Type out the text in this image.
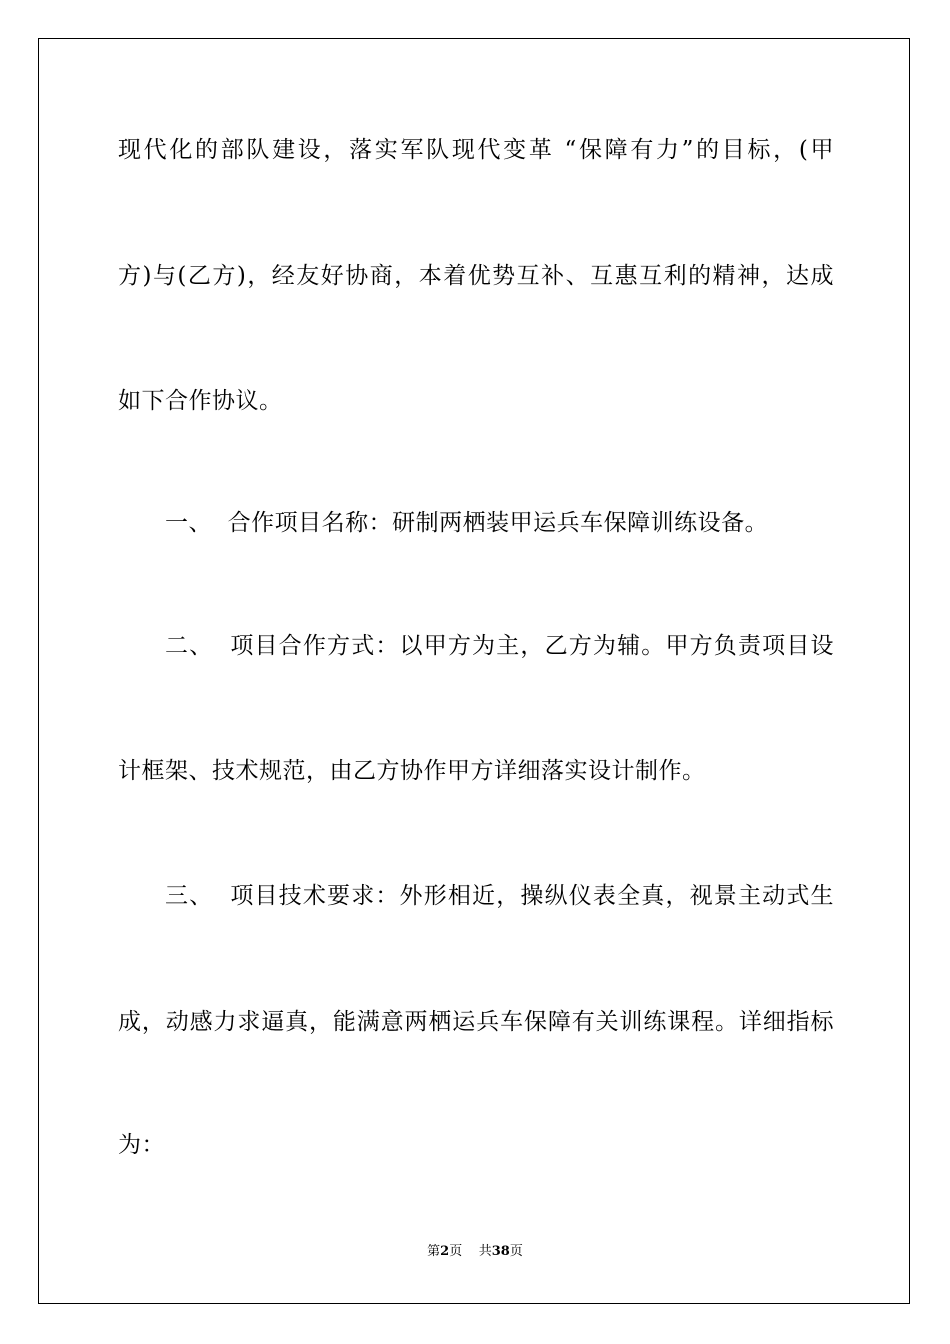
现代化的部队建设，落实军队现代变革 “保障有力”的目标，(甲
方)与(乙方)，经友好协商，本着优势互补、互惠互利的精神，达成
如下合作协议。
一、  合作项目名称：研制两栖装甲运兵车保障训练设备。
二、  项目合作方式：以甲方为主，乙方为辅。甲方负责项目设
计框架、技术规范，由乙方协作甲方详细落实设计制作。
三、  项目技术要求：外形相近，操纵仪表全真，视景主动式生
成，动感力求逼真，能满意两栖运兵车保障有关训练课程。详细指标
为：
第2页 共38页
